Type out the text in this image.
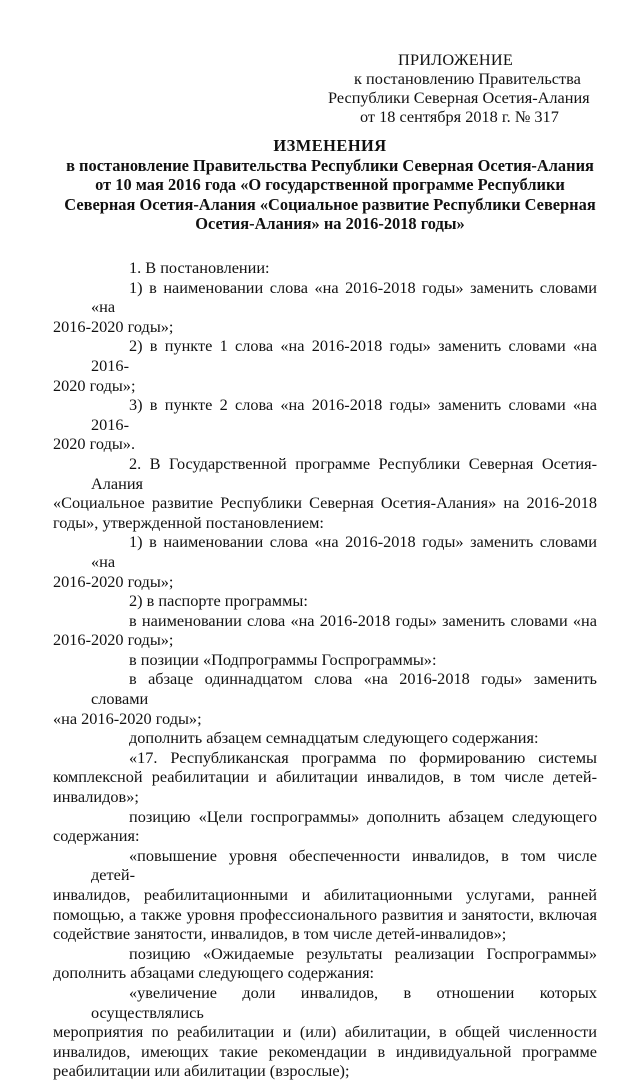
ПРИЛОЖЕНИЕ
к постановлению Правительства
Республики Северная Осетия-Алания
от 18 сентября 2018 г. № 317
ИЗМЕНЕНИЯ
в постановление Правительства Республики Северная Осетия-Алания
от 10 мая 2016 года «О государственной программе Республики
Северная Осетия-Алания «Социальное развитие Республики Северная
Осетия-Алания» на 2016-2018 годы»

1. В постановлении:

1) в наименовании слова «на 2016-2018 годы» заменить словами «на
2016-2020 годы»;

2) в пункте 1 слова «на 2016-2018 годы» заменить словами «на 2016-
2020 годы»;

3) в пункте 2 слова «на 2016-2018 годы» заменить словами «на 2016-
2020 годы».

2. В Государственной программе Республики Северная Осетия-Алания
«Социальное развитие Республики Северная Осетия-Алания» на 2016-2018
годы», утвержденной постановлением:

1) в наименовании слова «на 2016-2018 годы» заменить словами «на
2016-2020 годы»;

2) в паспорте программы:

в наименовании слова «на 2016-2018 годы» заменить словами «на
2016-2020 годы»;

в позиции «Подпрограммы Госпрограммы»:

в абзаце одиннадцатом слова «на 2016-2018 годы» заменить словами
«на 2016-2020 годы»;

дополнить абзацем семнадцатым следующего содержания:

«17. Республиканская программа по формированию системы
комплексной реабилитации и абилитации инвалидов, в том числе детей-
инвалидов»;

позицию «Цели госпрограммы» дополнить абзацем следующего
содержания:

«повышение уровня обеспеченности инвалидов, в том числе детей-
инвалидов, реабилитационными и абилитационными услугами, ранней
помощью, а также уровня профессионального развития и занятости, включая
содействие занятости, инвалидов, в том числе детей-инвалидов»;

позицию «Ожидаемые результаты реализации Госпрограммы»
дополнить абзацами следующего содержания:

«увеличение доли инвалидов, в отношении которых осуществлялись
мероприятия по реабилитации и (или) абилитации, в общей численности
инвалидов, имеющих такие рекомендации в индивидуальной программе
реабилитации или абилитации (взрослые);
